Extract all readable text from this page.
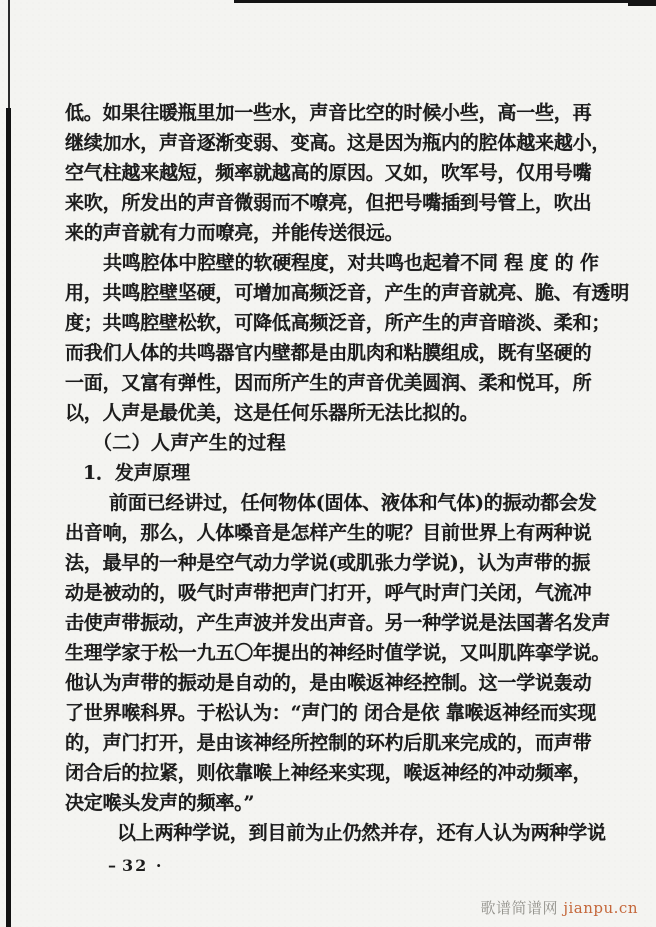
低。如果往暖瓶里加一些水，声音比空的时候小些，高一些，再
继续加水，声音逐渐变弱、变高。这是因为瓶内的腔体越来越小，
空气柱越来越短，频率就越高的原因。又如，吹军号，仅用号嘴
来吹，所发出的声音微弱而不嘹亮，但把号嘴插到号管上，吹出
来的声音就有力而嘹亮，并能传送很远。
共鸣腔体中腔壁的软硬程度，对共鸣也起着不同 程 度 的 作
用，共鸣腔壁坚硬，可增加高频泛音，产生的声音就亮、脆、有透明
度；共鸣腔壁松软，可降低高频泛音，所产生的声音暗淡、柔和；
而我们人体的共鸣器官内壁都是由肌肉和粘膜组成，既有坚硬的
一面，又富有弹性，因而所产生的声音优美圆润、柔和悦耳，所
以，人声是最优美，这是任何乐器所无法比拟的。
（二）人声产生的过程
1．发声原理
前面已经讲过，任何物体(固体、液体和气体)的振动都会发
出音响，那么，人体嗓音是怎样产生的呢？目前世界上有两种说
法，最早的一种是空气动力学说(或肌张力学说)，认为声带的振
动是被动的，吸气时声带把声门打开，呼气时声门关闭，气流冲
击使声带振动，产生声波并发出声音。另一种学说是法国著名发声
生理学家于松一九五〇年提出的神经时值学说，又叫肌阵挛学说。
他认为声带的振动是自动的，是由喉返神经控制。这一学说轰动
了世界喉科界。于松认为：“声门的 闭合是依 靠喉返神经而实现
的，声门打开，是由该神经所控制的环杓后肌来完成的，而声带
闭合后的拉紧，则依靠喉上神经来实现，喉返神经的冲动频率，
决定喉头发声的频率。”
以上两种学说，到目前为止仍然并存，还有人认为两种学说
–32 ·
歌谱简谱网 jianpu.cn
